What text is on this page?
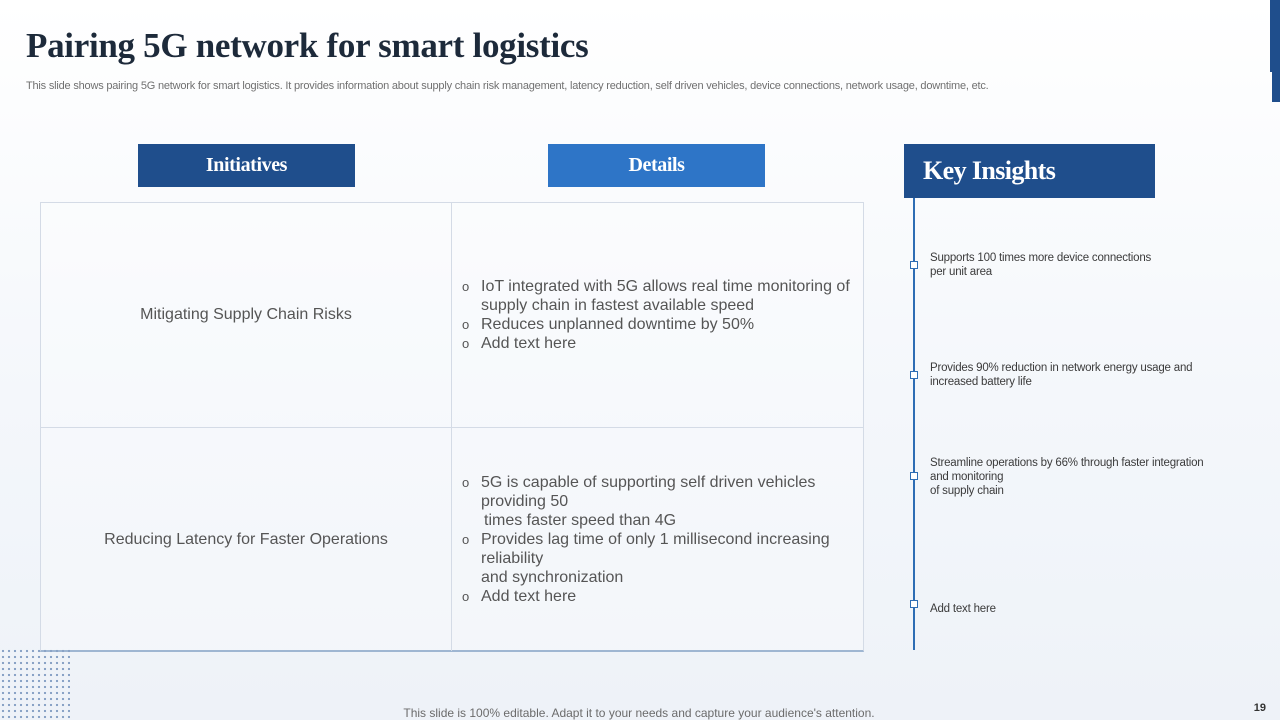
Pairing 5G network for smart logistics

This slide shows pairing 5G network for smart logistics. It provides information about supply chain risk management, latency reduction, self driven vehicles, device connections, network usage, downtime, etc.

Initiatives	Details
Mitigating Supply Chain Risks
o IoT integrated with 5G allows real time monitoring of
supply chain in fastest available speed
o Reduces unplanned downtime by 50%
o Add text here
Reducing Latency for Faster Operations
o 5G is capable of supporting self driven vehicles
providing 50
times faster speed than 4G
o Provides lag time of only 1 millisecond increasing
reliability
and synchronization
o Add text here
Key Insights
Supports 100 times more device connections
per unit area
Provides 90% reduction in network energy usage and
increased battery life
Streamline operations by 66% through faster integration
and monitoring
of supply chain
Add text here
This slide is 100% editable. Adapt it to your needs and capture your audience's attention.	19
